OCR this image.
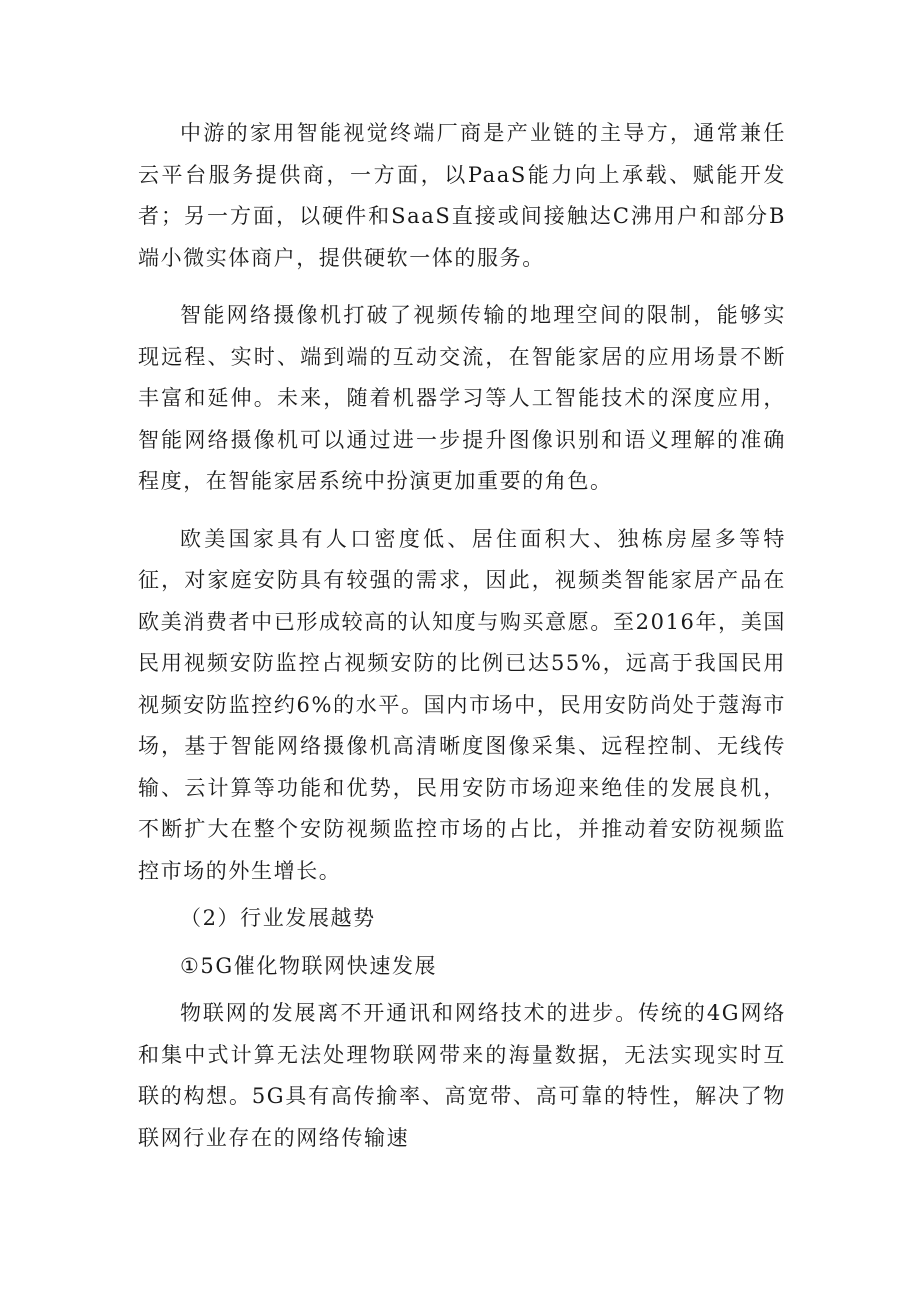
中游的家用智能视觉终端厂商是产业链的主导方，通常兼任云平台服务提供商，一方面，以PaaS能力向上承载、赋能开发者；另一方面，以硬件和SaaS直接或间接触达C沸用户和部分B端小微实体商户，提供硬软一体的服务。

智能网络摄像机打破了视频传输的地理空间的限制，能够实现远程、实时、端到端的互动交流，在智能家居的应用场景不断丰富和延伸。未来，随着机器学习等人工智能技术的深度应用，智能网络摄像机可以通过进一步提升图像识别和语义理解的准确程度，在智能家居系统中扮演更加重要的角色。

欧美国家具有人口密度低、居住面积大、独栋房屋多等特征，对家庭安防具有较强的需求，因此，视频类智能家居产品在欧美消费者中已形成较高的认知度与购买意愿。至2016年，美国民用视频安防监控占视频安防的比例已达55%，远高于我国民用视频安防监控约6%的水平。国内市场中，民用安防尚处于蔻海市场，基于智能网络摄像机高清晰度图像采集、远程控制、无线传输、云计算等功能和优势，民用安防市场迎来绝佳的发展良机，不断扩大在整个安防视频监控市场的占比，并推动着安防视频监控市场的外生增长。

（2）行业发展越势

①5G催化物联网快速发展

物联网的发展离不开通讯和网络技术的进步。传统的4G网络和集中式计算无法处理物联网带来的海量数据，无法实现实时互联的构想。5G具有高传揄率、高宽带、高可靠的特性，解决了物联网行业存在的网络传输速
